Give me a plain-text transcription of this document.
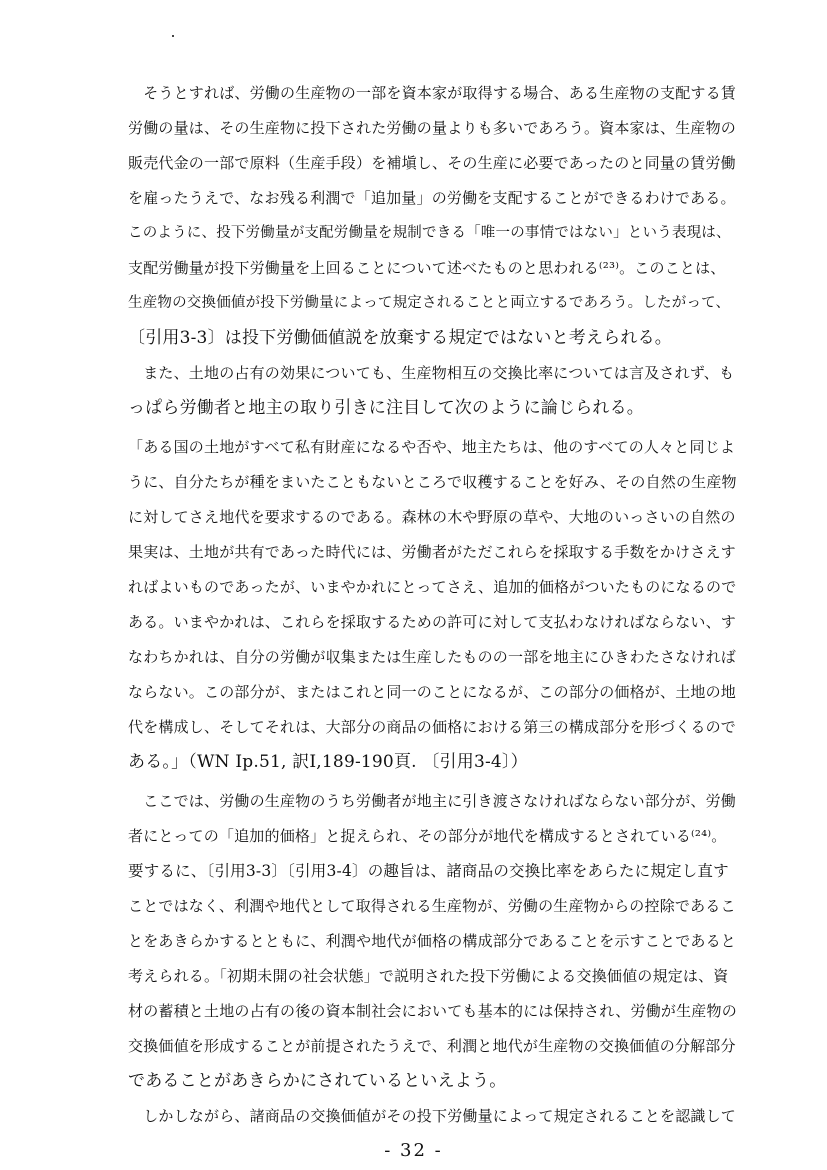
　そうとすれば、労働の生産物の一部を資本家が取得する場合、ある生産物の支配する賃
労働の量は、その生産物に投下された労働の量よりも多いであろう。資本家は、生産物の
販売代金の一部で原料（生産手段）を補塡し、その生産に必要であったのと同量の賃労働
を雇ったうえで、なお残る利潤で「追加量」の労働を支配することができるわけである。
このように、投下労働量が支配労働量を規制できる「唯一の事情ではない」という表現は、
支配労働量が投下労働量を上回ることについて述べたものと思われる⁽²³⁾。このことは、
生産物の交換価値が投下労働量によって規定されることと両立するであろう。したがって、
〔引用3-3〕は投下労働価値説を放棄する規定ではないと考えられる。
　また、土地の占有の効果についても、生産物相互の交換比率については言及されず、も
っぱら労働者と地主の取り引きに注目して次のように論じられる。
「ある国の土地がすべて私有財産になるや否や、地主たちは、他のすべての人々と同じよ
うに、自分たちが種をまいたこともないところで収穫することを好み、その自然の生産物
に対してさえ地代を要求するのである。森林の木や野原の草や、大地のいっさいの自然の
果実は、土地が共有であった時代には、労働者がただこれらを採取する手数をかけさえす
ればよいものであったが、いまやかれにとってさえ、追加的価格がついたものになるので
ある。いまやかれは、これらを採取するための許可に対して支払わなければならない、す
なわちかれは、自分の労働が収集または生産したものの一部を地主にひきわたさなければ
ならない。この部分が、またはこれと同一のことになるが、この部分の価格が、土地の地
代を構成し、そしてそれは、大部分の商品の価格における第三の構成部分を形づくるので
ある。」（WN Ⅰp.51, 訳Ⅰ,189-190頁. 〔引用3-4〕）
　ここでは、労働の生産物のうち労働者が地主に引き渡さなければならない部分が、労働
者にとっての「追加的価格」と捉えられ、その部分が地代を構成するとされている⁽²⁴⁾。
要するに、〔引用3-3〕〔引用3-4〕の趣旨は、諸商品の交換比率をあらたに規定し直す
ことではなく、利潤や地代として取得される生産物が、労働の生産物からの控除であるこ
とをあきらかするとともに、利潤や地代が価格の構成部分であることを示すことであると
考えられる。「初期未開の社会状態」で説明された投下労働による交換価値の規定は、資
材の蓄積と土地の占有の後の資本制社会においても基本的には保持され、労働が生産物の
交換価値を形成することが前提されたうえで、利潤と地代が生産物の交換価値の分解部分
であることがあきらかにされているといえよう。
　しかしながら、諸商品の交換価値がその投下労働量によって規定されることを認識して
- 32 -
